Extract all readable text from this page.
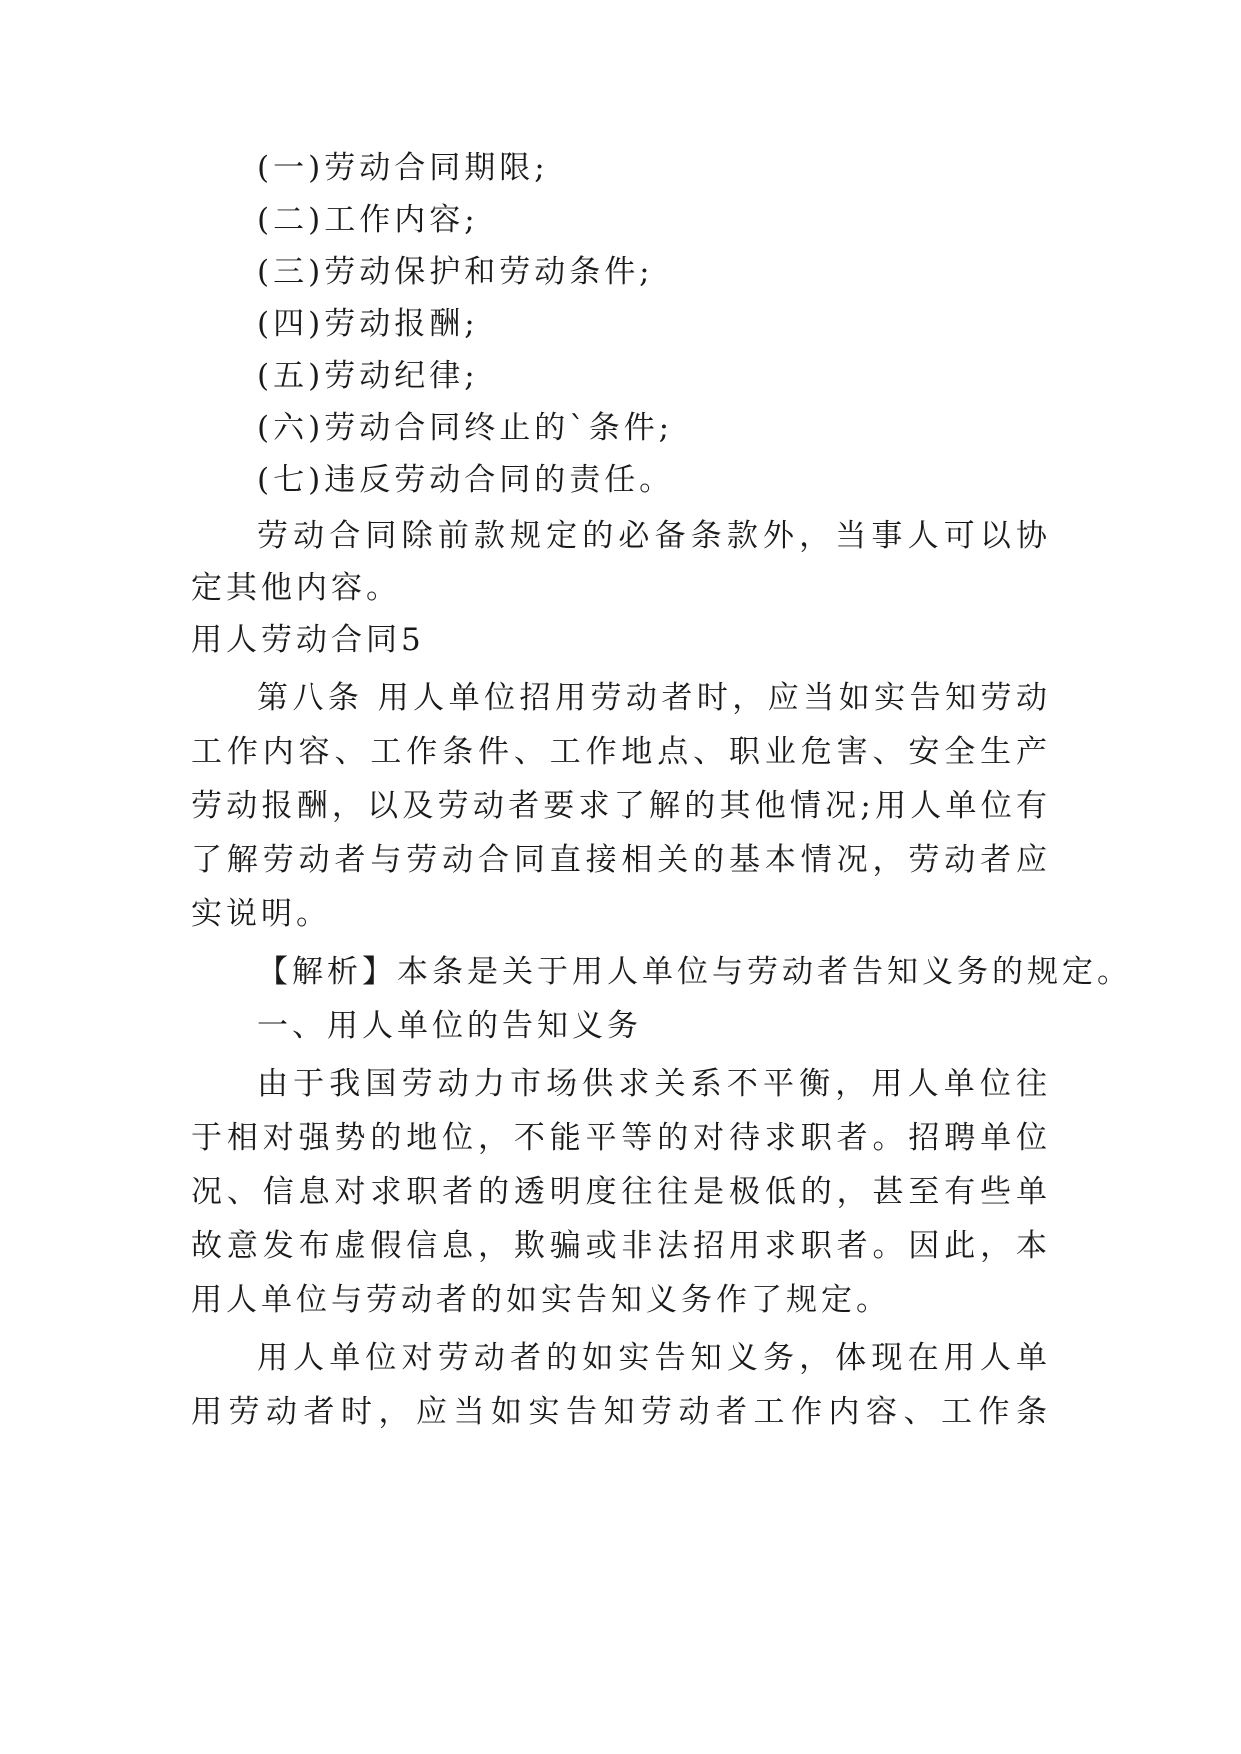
(一)劳动合同期限;

(二)工作内容;

(三)劳动保护和劳动条件;

(四)劳动报酬;

(五)劳动纪律;

(六)劳动合同终止的`条件;

(七)违反劳动合同的责任。

劳动合同除前款规定的必备条款外，当事人可以协

定其他内容。

用人劳动合同5

第八条 用人单位招用劳动者时，应当如实告知劳动

工作内容、工作条件、工作地点、职业危害、安全生产

劳动报酬，以及劳动者要求了解的其他情况;用人单位有

了解劳动者与劳动合同直接相关的基本情况，劳动者应

实说明。

【解析】本条是关于用人单位与劳动者告知义务的规定。

一、用人单位的告知义务

由于我国劳动力市场供求关系不平衡，用人单位往

于相对强势的地位，不能平等的对待求职者。招聘单位

况、信息对求职者的透明度往往是极低的，甚至有些单

故意发布虚假信息，欺骗或非法招用求职者。因此，本

用人单位与劳动者的如实告知义务作了规定。

用人单位对劳动者的如实告知义务，体现在用人单

用劳动者时，应当如实告知劳动者工作内容、工作条
